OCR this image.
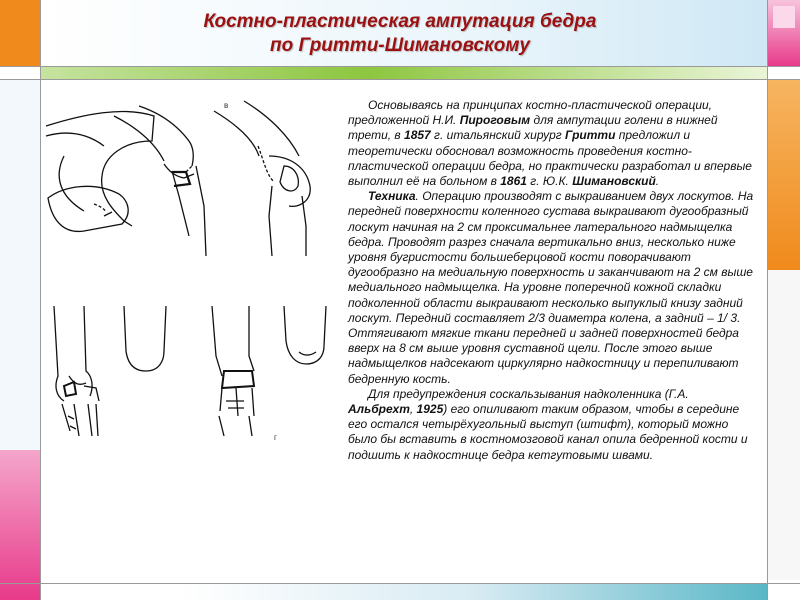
Костно-пластическая ампутация бедра
по Гритти-Шимановскому
в
г

Основываясь на принципах костно-пластической операции, предложенной Н.И. Пироговым для ампутации голени в нижней трети, в 1857 г. итальянский хирург Гритти предложил и теоретически обосновал возможность проведения костно-пластической операции бедра, но практически разработал и впервые выполнил её на больном в 1861 г. Ю.К. Шимановский.

Техника. Операцию производят с выкраиванием двух лоскутов. На передней поверхности коленного сустава выкраивают дугообразный лоскут начиная на 2 см проксимальнее латерального надмыщелка бедра. Проводят разрез сначала вертикально вниз, несколько ниже уровня бугристости большеберцовой кости поворачивают дугообразно на медиальную поверхность и заканчивают на 2 см выше медиального надмыщелка. На уровне поперечной кожной складки подколенной области выкраивают несколько выпуклый книзу задний лоскут. Передний составляет 2/3 диаметра колена, а задний – 1/ 3. Оттягивают мягкие ткани передней и задней поверхностей бедра вверх на 8 см выше уровня суставной щели. После этого выше надмыщелков надсекают циркулярно надкостницу и перепиливают бедренную кость.

Для предупреждения соскальзывания надколенника (Г.А. Альбрехт, 1925) его опиливают таким образом, чтобы в середине его остался четырёхугольный выступ (штифт), который можно было бы вставить в костномозговой канал опила бедренной кости и подшить к надкостнице бедра кетгутовыми швами.
